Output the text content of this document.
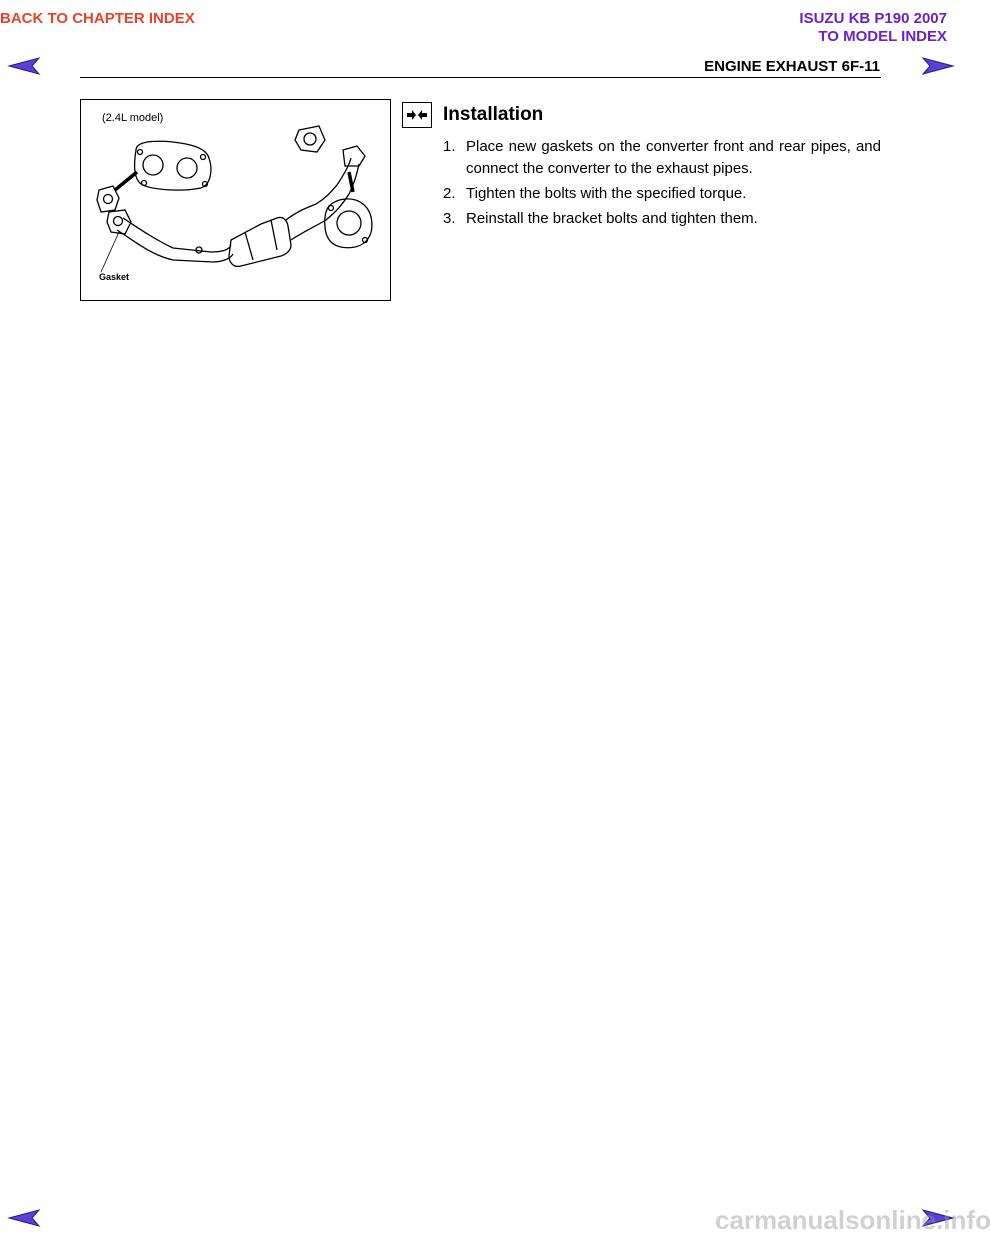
BACK TO CHAPTER INDEX	ISUZU KB P190 2007
TO MODEL INDEX
ENGINE EXHAUST 6F-11
(2.4L model)
Gasket
Installation
1. Place new gaskets on the converter front and rear pipes, and connect the converter to the exhaust pipes.
2. Tighten the bolts with the specified torque.
3. Reinstall the bracket bolts and tighten them.
carmanualsonline.info
